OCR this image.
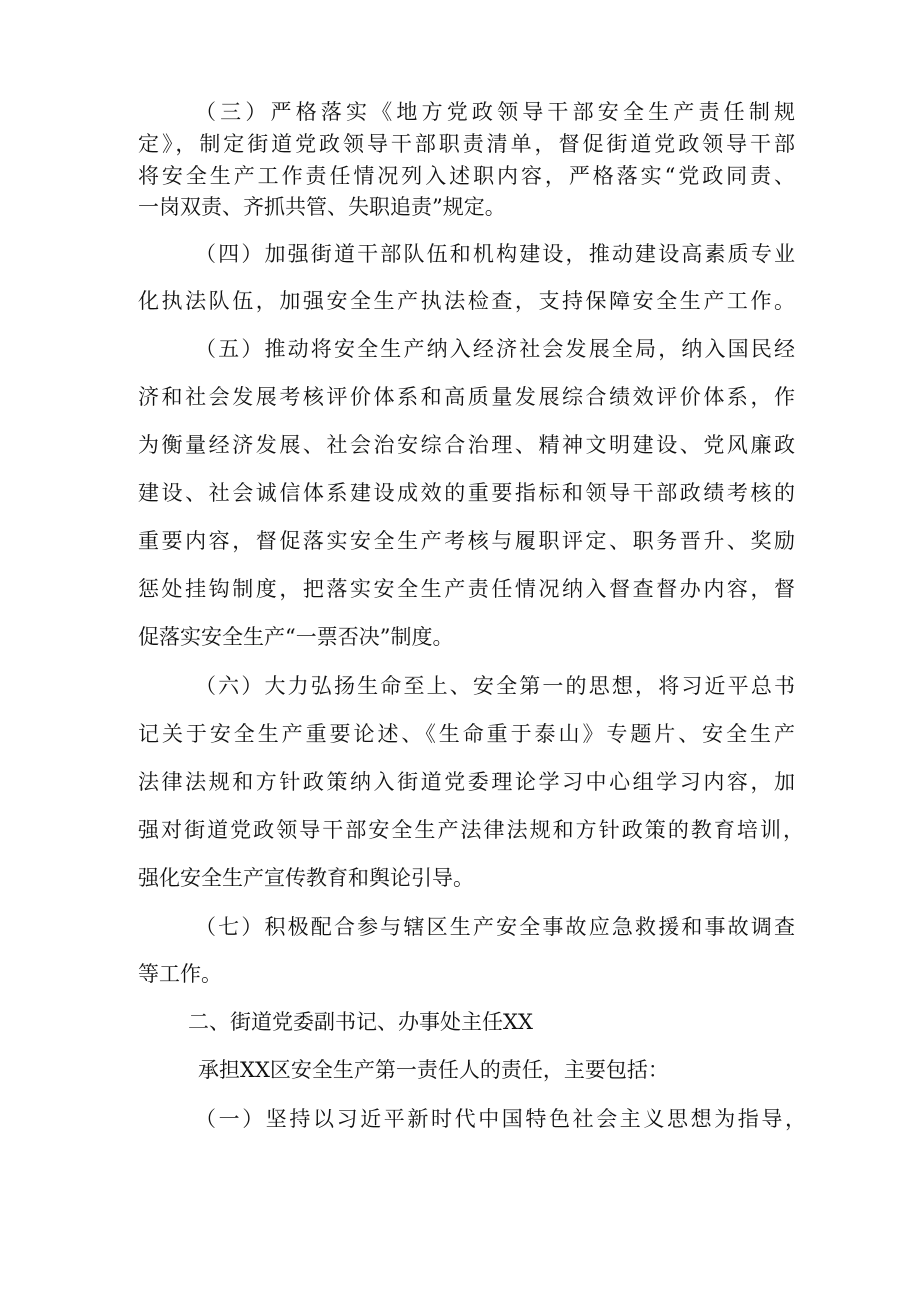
（三）严格落实《地方党政领导干部安全生产责任制规
定》，制定街道党政领导干部职责清单，督促街道党政领导干部
将安全生产工作责任情况列入述职内容，严格落实“党政同责、
一岗双责、齐抓共管、失职追责”规定。
（四）加强街道干部队伍和机构建设，推动建设高素质专业
化执法队伍，加强安全生产执法检查，支持保障安全生产工作。
（五）推动将安全生产纳入经济社会发展全局，纳入国民经
济和社会发展考核评价体系和高质量发展综合绩效评价体系，作
为衡量经济发展、社会治安综合治理、精神文明建设、党风廉政
建设、社会诚信体系建设成效的重要指标和领导干部政绩考核的
重要内容，督促落实安全生产考核与履职评定、职务晋升、奖励
惩处挂钩制度，把落实安全生产责任情况纳入督查督办内容，督
促落实安全生产“一票否决”制度。
（六）大力弘扬生命至上、安全第一的思想，将习近平总书
记关于安全生产重要论述、《生命重于泰山》专题片、安全生产
法律法规和方针政策纳入街道党委理论学习中心组学习内容，加
强对街道党政领导干部安全生产法律法规和方针政策的教育培训，
强化安全生产宣传教育和舆论引导。
（七）积极配合参与辖区生产安全事故应急救援和事故调查
等工作。
二、街道党委副书记、办事处主任XX
承担XX区安全生产第一责任人的责任，主要包括：
（一）坚持以习近平新时代中国特色社会主义思想为指导，
